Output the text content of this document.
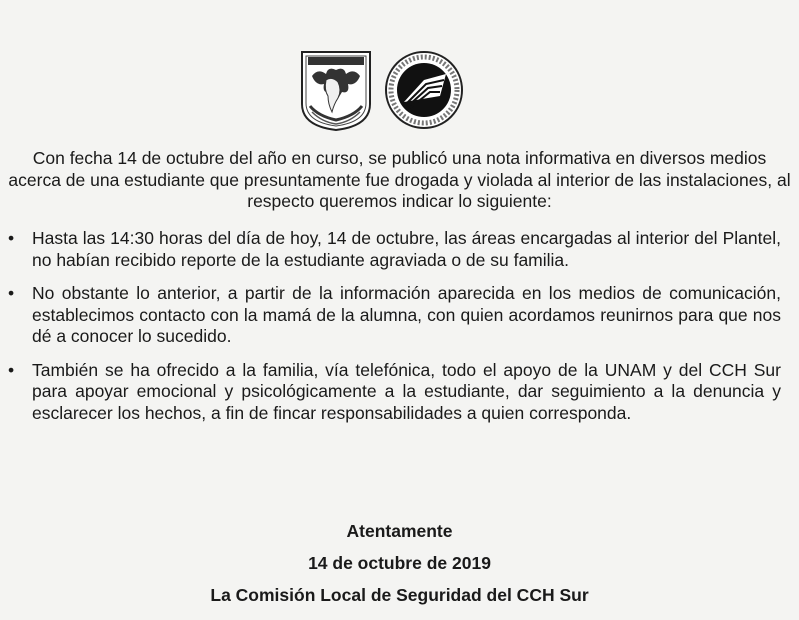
Con fecha 14 de octubre del año en curso, se publicó una nota informativa en diversos medios acerca de una estudiante que presuntamente fue drogada y violada al interior de las instalaciones, al respecto queremos indicar lo siguiente:

• Hasta las 14:30 horas del día de hoy, 14 de octubre, las áreas encargadas al interior del Plantel, no habían recibido reporte de la estudiante agraviada o de su familia.
• No obstante lo anterior, a partir de la información aparecida en los medios de comunicación, establecimos contacto con la mamá de la alumna, con quien acordamos reunirnos para que nos dé a conocer lo sucedido.
• También se ha ofrecido a la familia, vía telefónica, todo el apoyo de la UNAM y del CCH Sur para apoyar emocional y psicológicamente a la estudiante, dar seguimiento a la denuncia y esclarecer los hechos, a fin de fincar responsabilidades a quien corresponda.
Atentamente
14 de octubre de 2019
La Comisión Local de Seguridad del CCH Sur
